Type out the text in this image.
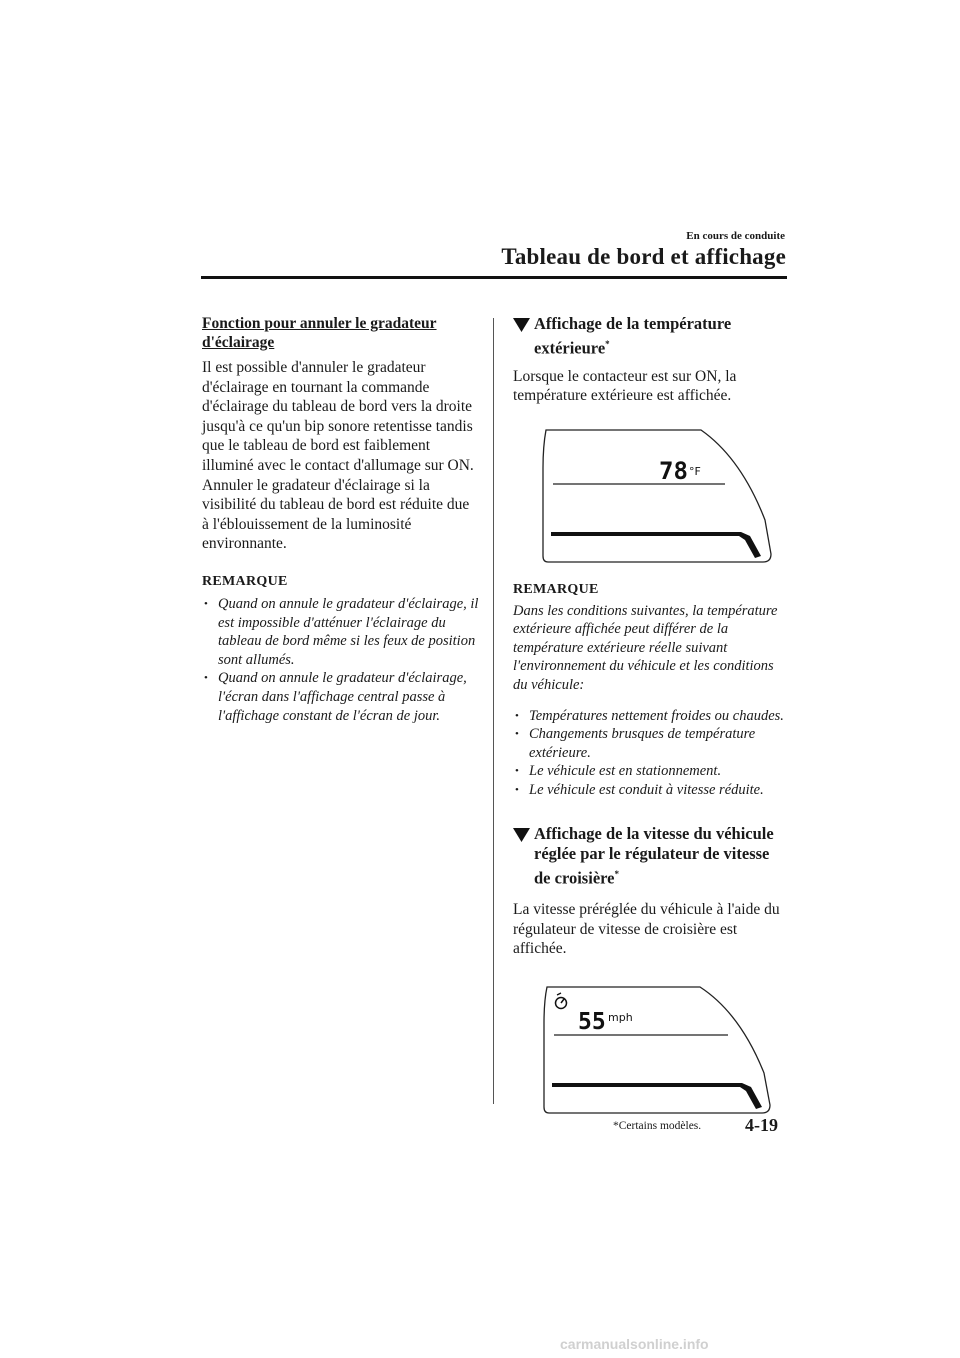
En cours de conduite
Tableau de bord et affichage
Fonction pour annuler le gradateur d'éclairage

Il est possible d'annuler le gradateur d'éclairage en tournant la commande d'éclairage du tableau de bord vers la droite jusqu'à ce qu'un bip sonore retentisse tandis que le tableau de bord est faiblement illuminé avec le contact d'allumage sur ON. Annuler le gradateur d'éclairage si la visibilité du tableau de bord est réduite due à l'éblouissement de la luminosité environnante.

REMARQUE
• Quand on annule le gradateur d'éclairage, il est impossible d'atténuer l'éclairage du tableau de bord même si les feux de position sont allumés.
• Quand on annule le gradateur d'éclairage, l'écran dans l'affichage central passe à l'affichage constant de l'écran de jour.
Affichage de la température extérieure*

Lorsque le contacteur est sur ON, la température extérieure est affichée.

78 °F
REMARQUE

Dans les conditions suivantes, la température extérieure affichée peut différer de la température extérieure réelle suivant l'environnement du véhicule et les conditions du véhicule:

• Températures nettement froides ou chaudes.
• Changements brusques de température extérieure.
• Le véhicule est en stationnement.
• Le véhicule est conduit à vitesse réduite.
Affichage de la vitesse du véhicule réglée par le régulateur de vitesse de croisière*

La vitesse préréglée du véhicule à l'aide du régulateur de vitesse de croisière est affichée.

55 mph
*Certains modèles. 4-19
carmanualsonline.info
